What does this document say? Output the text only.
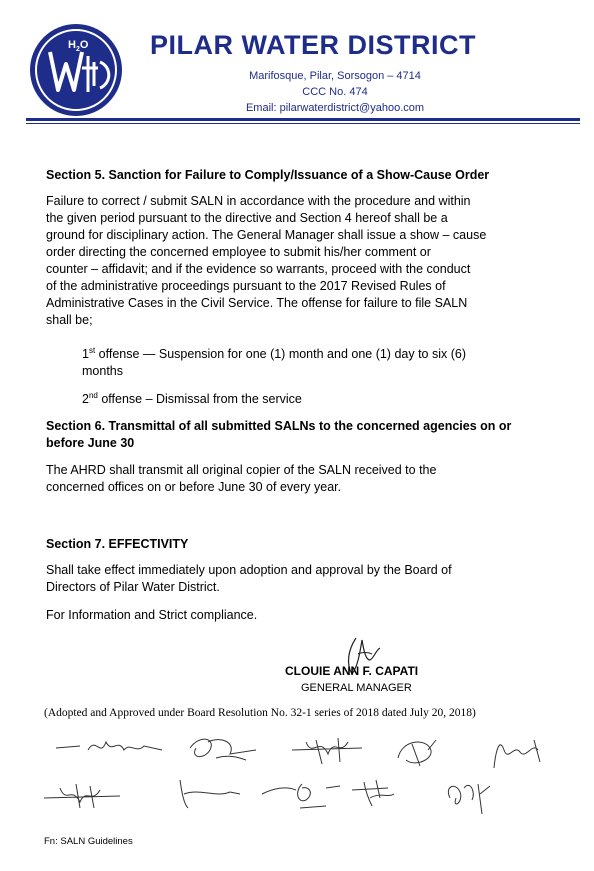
$H_2O$ PILAR WATER DISTRICT
Marifosque, Pilar, Sorsogon – 4714
CCC No. 474
Email: pilarwaterdistrict@yahoo.com
Section 5. Sanction for Failure to Comply/Issuance of a Show-Cause Order
Failure to correct / submit SALN in accordance with the procedure and within
the given period pursuant to the directive and Section 4 hereof shall be a
ground for disciplinary action. The General Manager shall issue a show – cause
order directing the concerned employee to submit his/her comment or
counter – affidavit; and if the evidence so warrants, proceed with the conduct
of the administrative proceedings pursuant to the 2017 Revised Rules of
Administrative Cases in the Civil Service. The offense for failure to file SALN
shall be;
1st offense — Suspension for one (1) month and one (1) day to six (6)
months
2nd offense – Dismissal from the service
Section 6. Transmittal of all submitted SALNs to the concerned agencies on or
before June 30
The AHRD shall transmit all original copier of the SALN received to the
concerned offices on or before June 30 of every year.
Section 7. EFFECTIVITY
Shall take effect immediately upon adoption and approval by the Board of
Directors of Pilar Water District.
For Information and Strict compliance.
CLOUIE ANN F. CAPATI
GENERAL MANAGER
(Adopted and Approved under Board Resolution No. 32-1 series of 2018 dated July 20, 2018)
Fn: SALN Guidelines
